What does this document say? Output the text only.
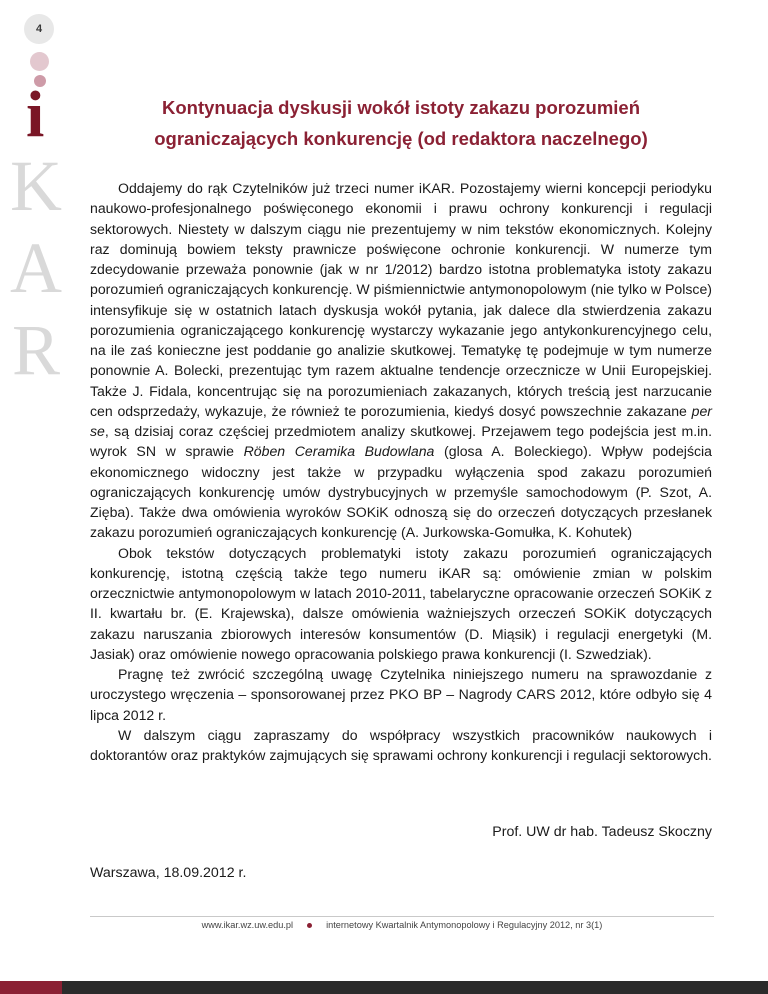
4
i
K
A
R
Kontynuacja dyskusji wokół istoty zakazu porozumień
ograniczających konkurencję (od redaktora naczelnego)

Oddajemy do rąk Czytelników już trzeci numer iKAR. Pozostajemy wierni koncepcji periodyku naukowo-profesjonalnego poświęconego ekonomii i prawu ochrony konkurencji i regulacji sektorowych. Niestety w dalszym ciągu nie prezentujemy w nim tekstów ekonomicznych. Kolejny raz dominują bowiem teksty prawnicze poświęcone ochronie konkurencji. W numerze tym zdecydowanie przeważa ponownie (jak w nr 1/2012) bardzo istotna problematyka istoty zakazu porozumień ograniczających konkurencję. W piśmiennictwie antymonopolowym (nie tylko w Polsce) intensyfikuje się w ostatnich latach dyskusja wokół pytania, jak dalece dla stwierdzenia zakazu porozumienia ograniczającego konkurencję wystarczy wykazanie jego antykonkurencyjnego celu, na ile zaś konieczne jest poddanie go analizie skutkowej. Tematykę tę podejmuje w tym numerze ponownie A. Bolecki, prezentując tym razem aktualne tendencje orzecznicze w Unii Europejskiej. Także J. Fidala, koncentrując się na porozumieniach zakazanych, których treścią jest narzucanie cen odsprzedaży, wykazuje, że również te porozumienia, kiedyś dosyć powszechnie zakazane per se, są dzisiaj coraz częściej przedmiotem analizy skutkowej. Przejawem tego podejścia jest m.in. wyrok SN w sprawie Röben Ceramika Budowlana (glosa A. Boleckiego). Wpływ podejścia ekonomicznego widoczny jest także w przypadku wyłączenia spod zakazu porozumień ograniczających konkurencję umów dystrybucyjnych w przemyśle samochodowym (P. Szot, A. Zięba). Także dwa omówienia wyroków SOKiK odnoszą się do orzeczeń dotyczących przesłanek zakazu porozumień ograniczających konkurencję (A. Jurkowska-Gomułka, K. Kohutek)

Obok tekstów dotyczących problematyki istoty zakazu porozumień ograniczających konkurencję, istotną częścią także tego numeru iKAR są: omówienie zmian w polskim orzecznictwie antymonopolowym w latach 2010-2011, tabelaryczne opracowanie orzeczeń SOKiK z II. kwartału br. (E. Krajewska), dalsze omówienia ważniejszych orzeczeń SOKiK dotyczących zakazu naruszania zbiorowych interesów konsumentów (D. Miąsik) i regulacji energetyki (M. Jasiak) oraz omówienie nowego opracowania polskiego prawa konkurencji (I. Szwedziak).

Pragnę też zwrócić szczególną uwagę Czytelnika niniejszego numeru na sprawozdanie z uroczystego wręczenia – sponsorowanej przez PKO BP – Nagrody CARS 2012, które odbyło się 4 lipca 2012 r.

W dalszym ciągu zapraszamy do współpracy wszystkich pracowników naukowych i doktorantów oraz praktyków zajmujących się sprawami ochrony konkurencji i regulacji sektorowych.

Prof. UW dr hab. Tadeusz Skoczny
Warszawa, 18.09.2012 r.
www.ikar.wz.uw.edu.pl	internetowy Kwartalnik Antymonopolowy i Regulacyjny 2012, nr 3(1)
